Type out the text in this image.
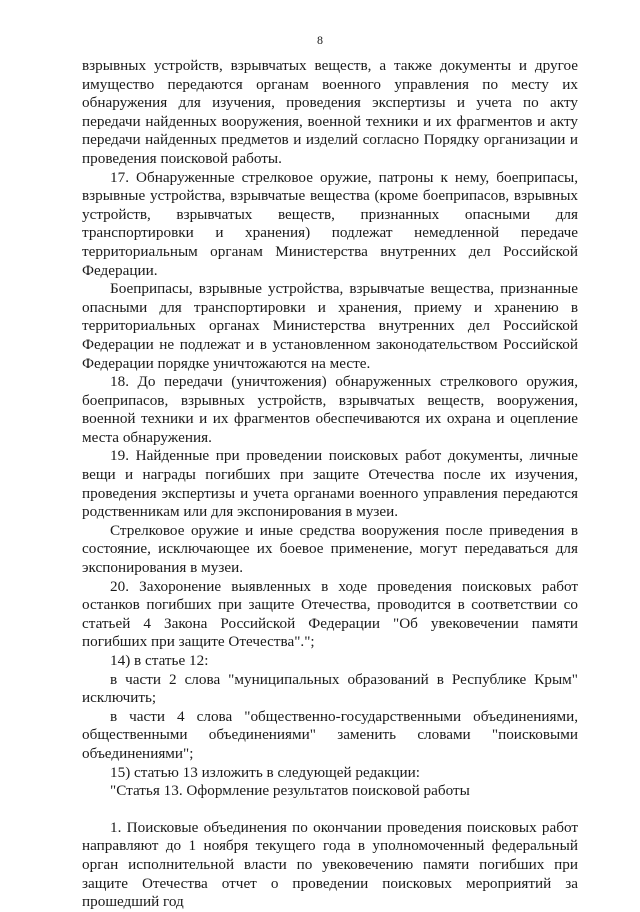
8

взрывных устройств, взрывчатых веществ, а также документы и другое имущество передаются органам военного управления по месту их обнаружения для изучения, проведения экспертизы и учета по акту передачи найденных вооружения, военной техники и их фрагментов и акту передачи найденных предметов и изделий согласно Порядку организации и проведения поисковой работы.

17. Обнаруженные стрелковое оружие, патроны к нему, боеприпасы, взрывные устройства, взрывчатые вещества (кроме боеприпасов, взрывных устройств, взрывчатых веществ, признанных опасными для транспортировки и хранения) подлежат немедленной передаче территориальным органам Министерства внутренних дел Российской Федерации.

Боеприпасы, взрывные устройства, взрывчатые вещества, признанные опасными для транспортировки и хранения, приему и хранению в территориальных органах Министерства внутренних дел Российской Федерации не подлежат и в установленном законодательством Российской Федерации порядке уничтожаются на месте.

18. До передачи (уничтожения) обнаруженных стрелкового оружия, боеприпасов, взрывных устройств, взрывчатых веществ, вооружения, военной техники и их фрагментов обеспечиваются их охрана и оцепление места обнаружения.

19. Найденные при проведении поисковых работ документы, личные вещи и награды погибших при защите Отечества после их изучения, проведения экспертизы и учета органами военного управления передаются родственникам или для экспонирования в музеи.

Стрелковое оружие и иные средства вооружения после приведения в состояние, исключающее их боевое применение, могут передаваться для экспонирования в музеи.

20. Захоронение выявленных в ходе проведения поисковых работ останков погибших при защите Отечества, проводится в соответствии со статьей 4 Закона Российской Федерации "Об увековечении памяти погибших при защите Отечества".";

14) в статье 12:

в части 2 слова "муниципальных образований в Республике Крым" исключить;

в части 4 слова "общественно-государственными объединениями, общественными объединениями" заменить словами "поисковыми объединениями";

15) статью 13 изложить в следующей редакции:

"Статья 13. Оформление результатов поисковой работы

1. Поисковые объединения по окончании проведения поисковых работ направляют до 1 ноября текущего года в уполномоченный федеральный орган исполнительной власти по увековечению памяти погибших при защите Отечества отчет о проведении поисковых мероприятий за прошедший год
